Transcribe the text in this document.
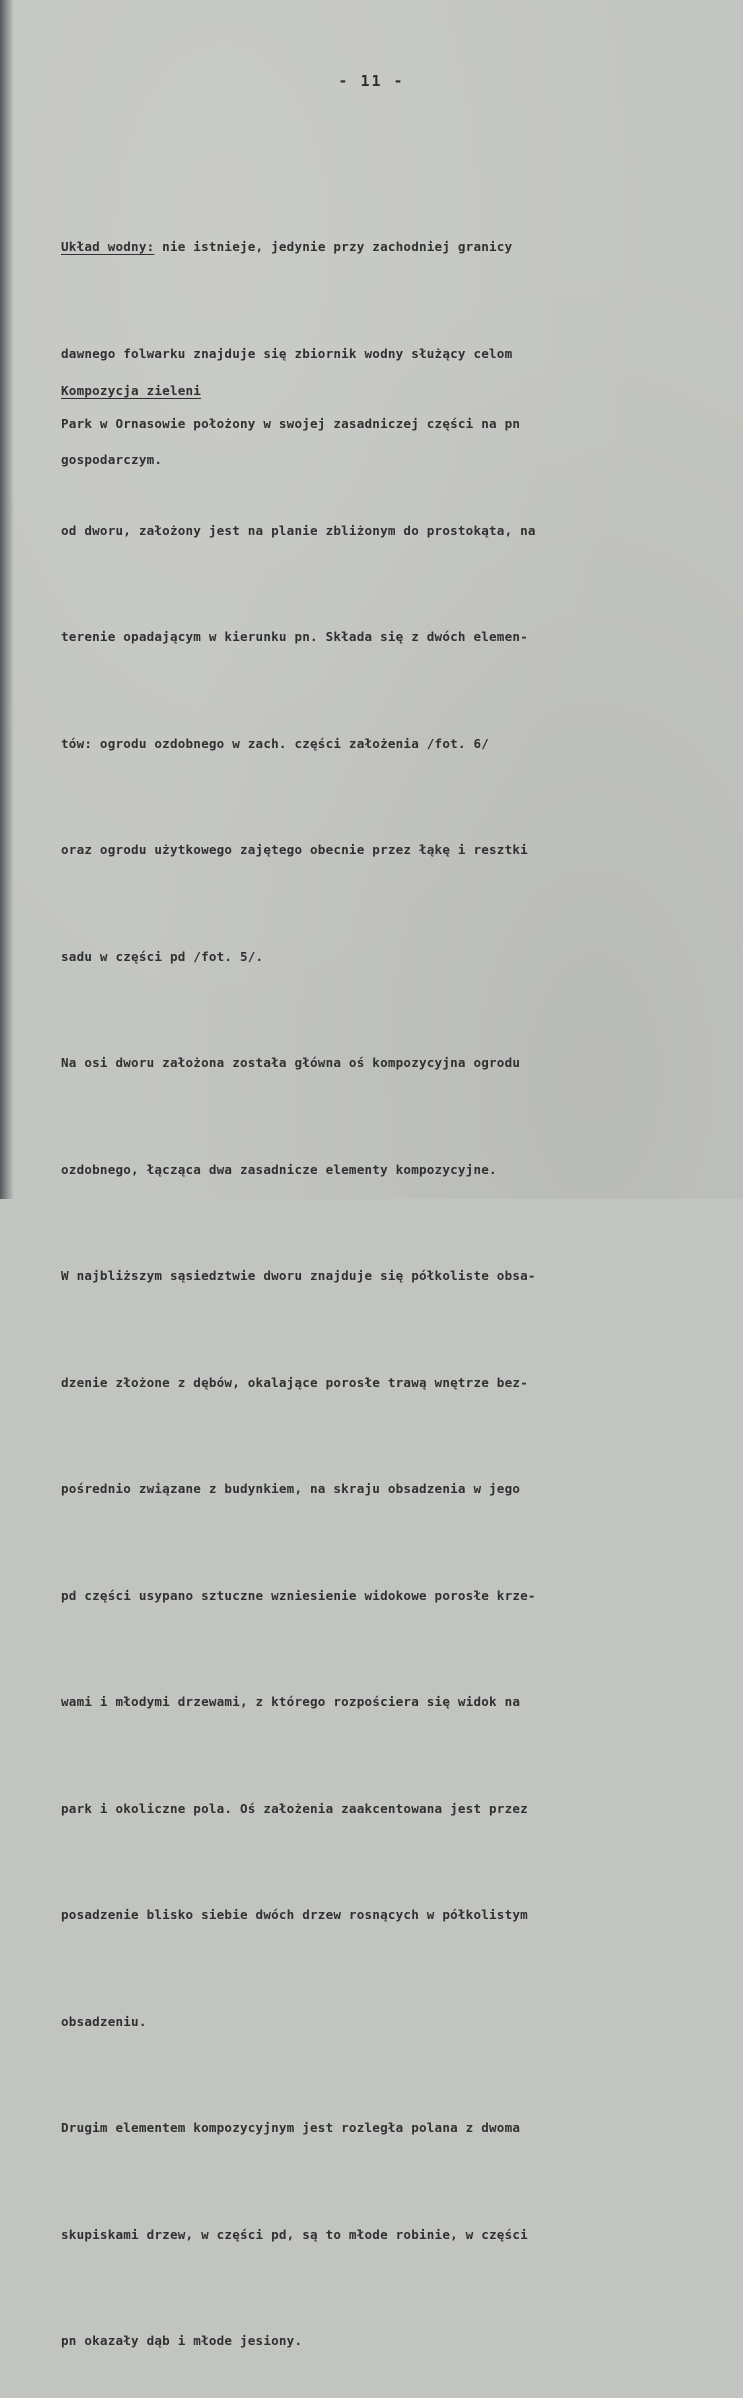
- 11 -

Układ wodny: nie istnieje, jedynie przy zachodniej granicy

dawnego folwarku znajduje się zbiornik wodny służący celom

gospodarczym.

Kompozycja zieleni

Park w Ornasowie położony w swojej zasadniczej części na pn

od dworu, założony jest na planie zbliżonym do prostokąta, na

terenie opadającym w kierunku pn. Składa się z dwóch elemen-

tów: ogrodu ozdobnego w zach. części założenia /fot. 6/

oraz ogrodu użytkowego zajętego obecnie przez łąkę i resztki

sadu w części pd /fot. 5/.

Na osi dworu założona została główna oś kompozycyjna ogrodu

ozdobnego, łącząca dwa zasadnicze elementy kompozycyjne.

W najbliższym sąsiedztwie dworu znajduje się półkoliste obsa-

dzenie złożone z dębów, okalające porosłe trawą wnętrze bez-

pośrednio związane z budynkiem, na skraju obsadzenia w jego

pd części usypano sztuczne wzniesienie widokowe porosłe krze-

wami i młodymi drzewami, z którego rozpościera się widok na

park i okoliczne pola. Oś założenia zaakcentowana jest przez

posadzenie blisko siebie dwóch drzew rosnących w półkolistym

obsadzeniu.

Drugim elementem kompozycyjnym jest rozległa polana z dwoma

skupiskami drzew, w części pd, są to młode robinie, w części

pn okazały dąb i młode jesiony.
